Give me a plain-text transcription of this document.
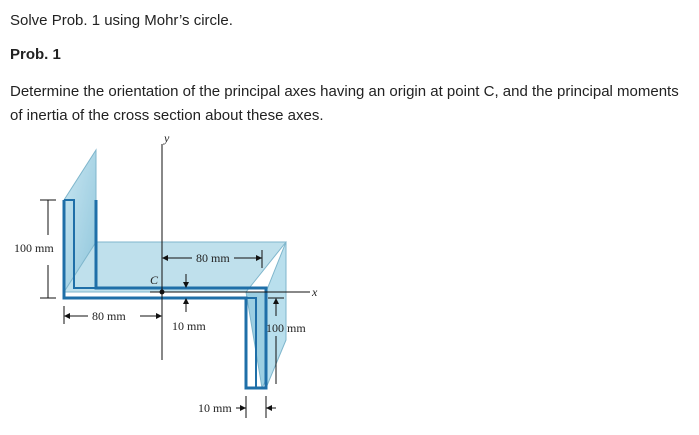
Solve Prob. 1 using Mohr’s circle.
Prob. 1
Determine the orientation of the principal axes having an origin at point C, and the principal moments of inertia of the cross section about these axes.
y
x
C
100 mm
80 mm
80 mm
10 mm	100 mm
10 mm
